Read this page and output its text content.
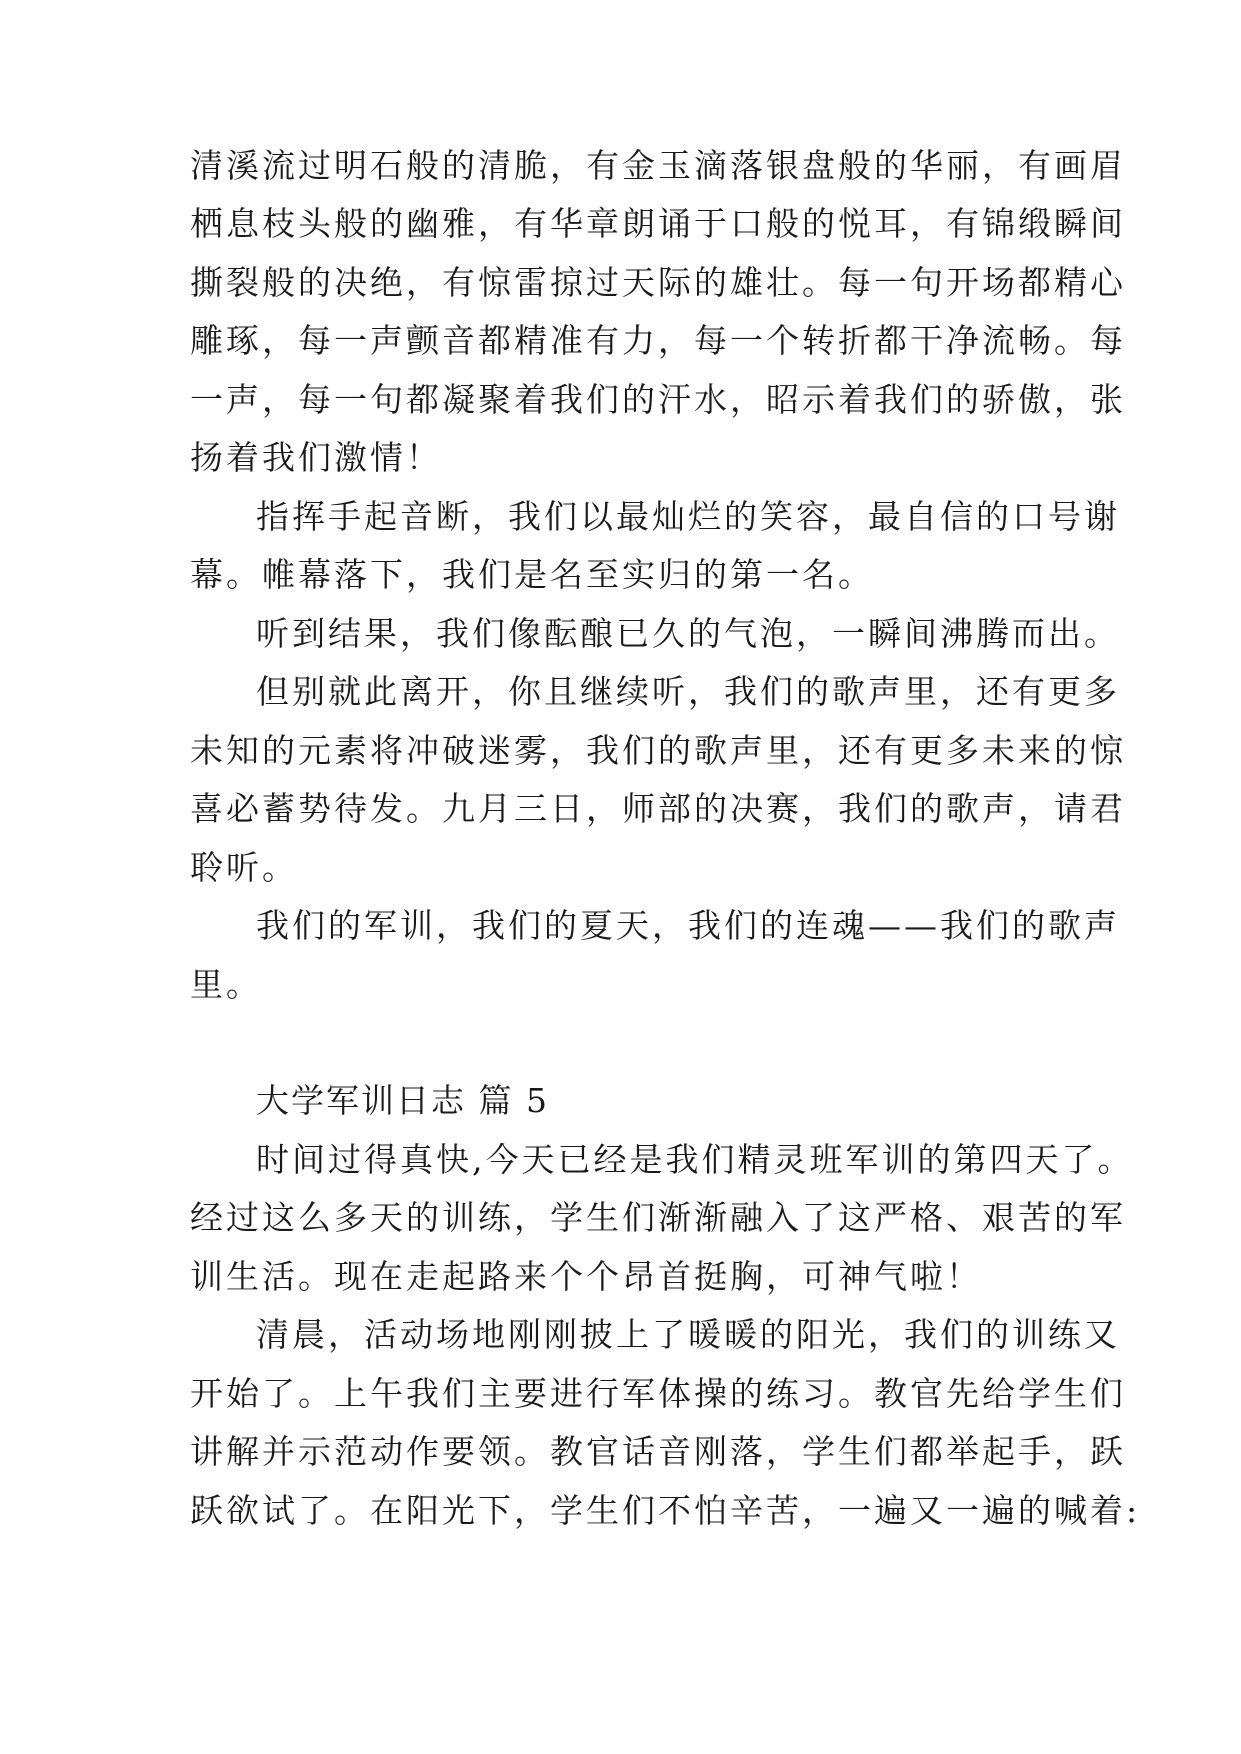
清溪流过明石般的清脆，有金玉滴落银盘般的华丽，有画眉

栖息枝头般的幽雅，有华章朗诵于口般的悦耳，有锦缎瞬间

撕裂般的决绝，有惊雷掠过天际的雄壮。每一句开场都精心

雕琢，每一声颤音都精准有力，每一个转折都干净流畅。每

一声，每一句都凝聚着我们的汗水，昭示着我们的骄傲，张

扬着我们激情！

指挥手起音断，我们以最灿烂的笑容，最自信的口号谢

幕。帷幕落下，我们是名至实归的第一名。

听到结果，我们像酝酿已久的气泡，一瞬间沸腾而出。

但别就此离开，你且继续听，我们的歌声里，还有更多

未知的元素将冲破迷雾，我们的歌声里，还有更多未来的惊

喜必蓄势待发。九月三日，师部的决赛，我们的歌声，请君

聆听。

我们的军训，我们的夏天，我们的连魂——我们的歌声

里。

大学军训日志 篇 5

时间过得真快,今天已经是我们精灵班军训的第四天了。

经过这么多天的训练，学生们渐渐融入了这严格、艰苦的军

训生活。现在走起路来个个昂首挺胸，可神气啦！

清晨，活动场地刚刚披上了暖暖的阳光，我们的训练又

开始了。上午我们主要进行军体操的练习。教官先给学生们

讲解并示范动作要领。教官话音刚落，学生们都举起手，跃

跃欲试了。在阳光下，学生们不怕辛苦，一遍又一遍的喊着:
